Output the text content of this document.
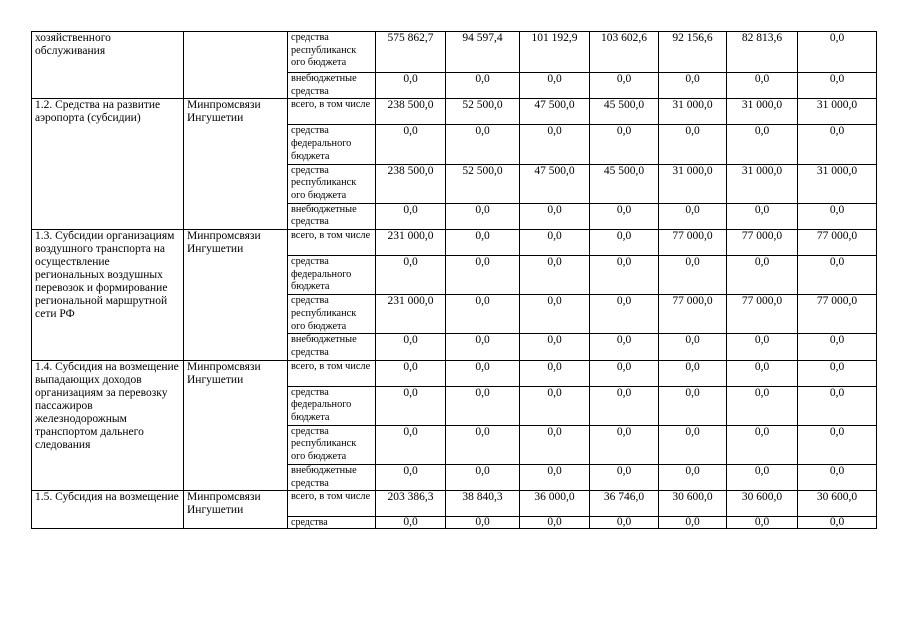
хозяйственного обслуживания		средства республиканск ого бюджета	575 862,7	94 597,4	101 192,9	103 602,6	92 156,6	82 813,6	0,0
		внебюджетные средства	0,0	0,0	0,0	0,0	0,0	0,0	0,0
1.2. Средства на развитие аэропорта (субсидии)	Минпромсвязи Ингушетии	всего, в том числе	238 500,0	52 500,0	47 500,0	45 500,0	31 000,0	31 000,0	31 000,0
		средства федерального бюджета	0,0	0,0	0,0	0,0	0,0	0,0	0,0
		средства республиканск ого бюджета	238 500,0	52 500,0	47 500,0	45 500,0	31 000,0	31 000,0	31 000,0
		внебюджетные средства	0,0	0,0	0,0	0,0	0,0	0,0	0,0
1.3. Субсидии организациям воздушного транспорта на осуществление региональных воздушных перевозок и формирование региональной маршрутной сети РФ	Минпромсвязи Ингушетии	всего, в том числе	231 000,0	0,0	0,0	0,0	77 000,0	77 000,0	77 000,0
		средства федерального бюджета	0,0	0,0	0,0	0,0	0,0	0,0	0,0
		средства республиканск ого бюджета	231 000,0	0,0	0,0	0,0	77 000,0	77 000,0	77 000,0
		внебюджетные средства	0,0	0,0	0,0	0,0	0,0	0,0	0,0
1.4. Субсидия на возмещение выпадающих доходов организациям за перевозку пассажиров железнодорожным транспортом дальнего следования	Минпромсвязи Ингушетии	всего, в том числе	0,0	0,0	0,0	0,0	0,0	0,0	0,0
		средства федерального бюджета	0,0	0,0	0,0	0,0	0,0	0,0	0,0
		средства республиканск ого бюджета	0,0	0,0	0,0	0,0	0,0	0,0	0,0
		внебюджетные средства	0,0	0,0	0,0	0,0	0,0	0,0	0,0
1.5. Субсидия на возмещение	Минпромсвязи Ингушетии	всего, в том числе	203 386,3	38 840,3	36 000,0	36 746,0	30 600,0	30 600,0	30 600,0
		средства	0,0	0,0	0,0	0,0	0,0	0,0	0,0
